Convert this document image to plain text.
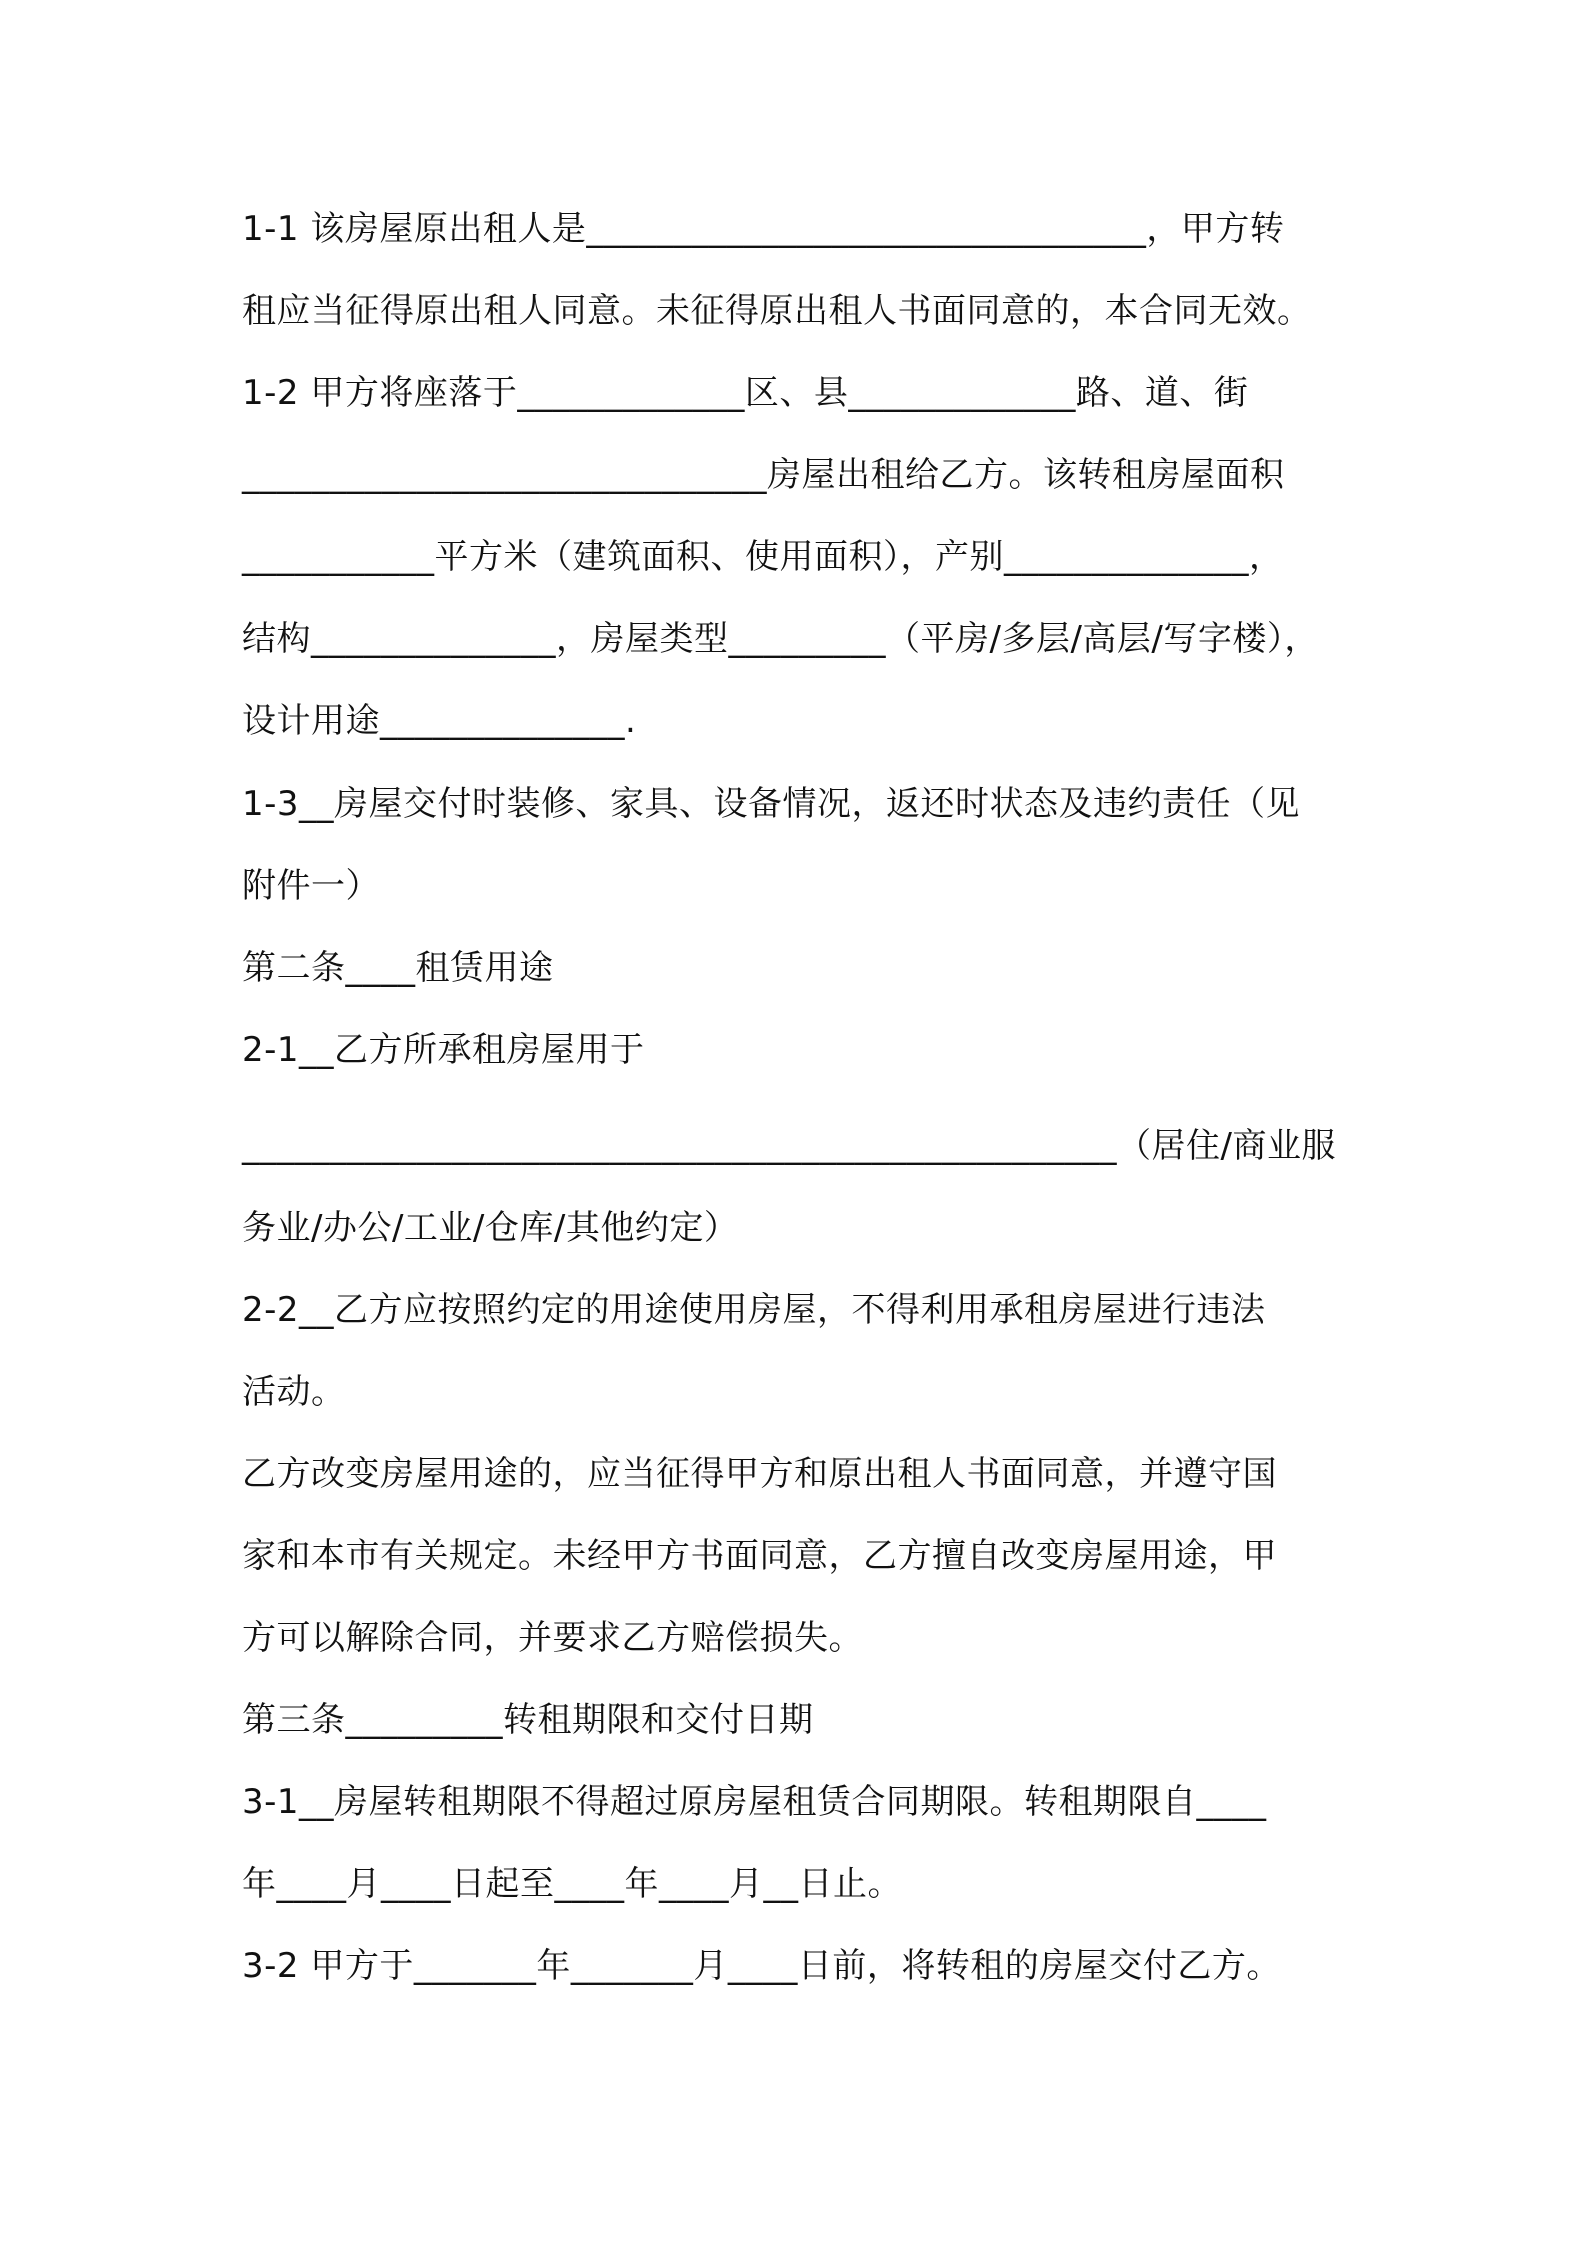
1-1 该房屋原出租人是________________________________，甲方转
租应当征得原出租人同意。未征得原出租人书面同意的，本合同无效。
1-2 甲方将座落于_____________区、县_____________路、道、街
______________________________房屋出租给乙方。该转租房屋面积
___________平方米（建筑面积、使用面积），产别______________，
结构______________，房屋类型_________（平房/多层/高层/写字楼），
设计用途______________.
1-3__房屋交付时装修、家具、设备情况，返还时状态及违约责任（见
附件一）
第二条____租赁用途
2-1__乙方所承租房屋用于
__________________________________________________（居住/商业服
务业/办公/工业/仓库/其他约定）
2-2__乙方应按照约定的用途使用房屋，不得利用承租房屋进行违法
活动。
乙方改变房屋用途的，应当征得甲方和原出租人书面同意，并遵守国
家和本市有关规定。未经甲方书面同意，乙方擅自改变房屋用途，甲
方可以解除合同，并要求乙方赔偿损失。
第三条_________转租期限和交付日期
3-1__房屋转租期限不得超过原房屋租赁合同期限。转租期限自____
年____月____日起至____年____月__日止。
3-2 甲方于_______年_______月____日前，将转租的房屋交付乙方。
